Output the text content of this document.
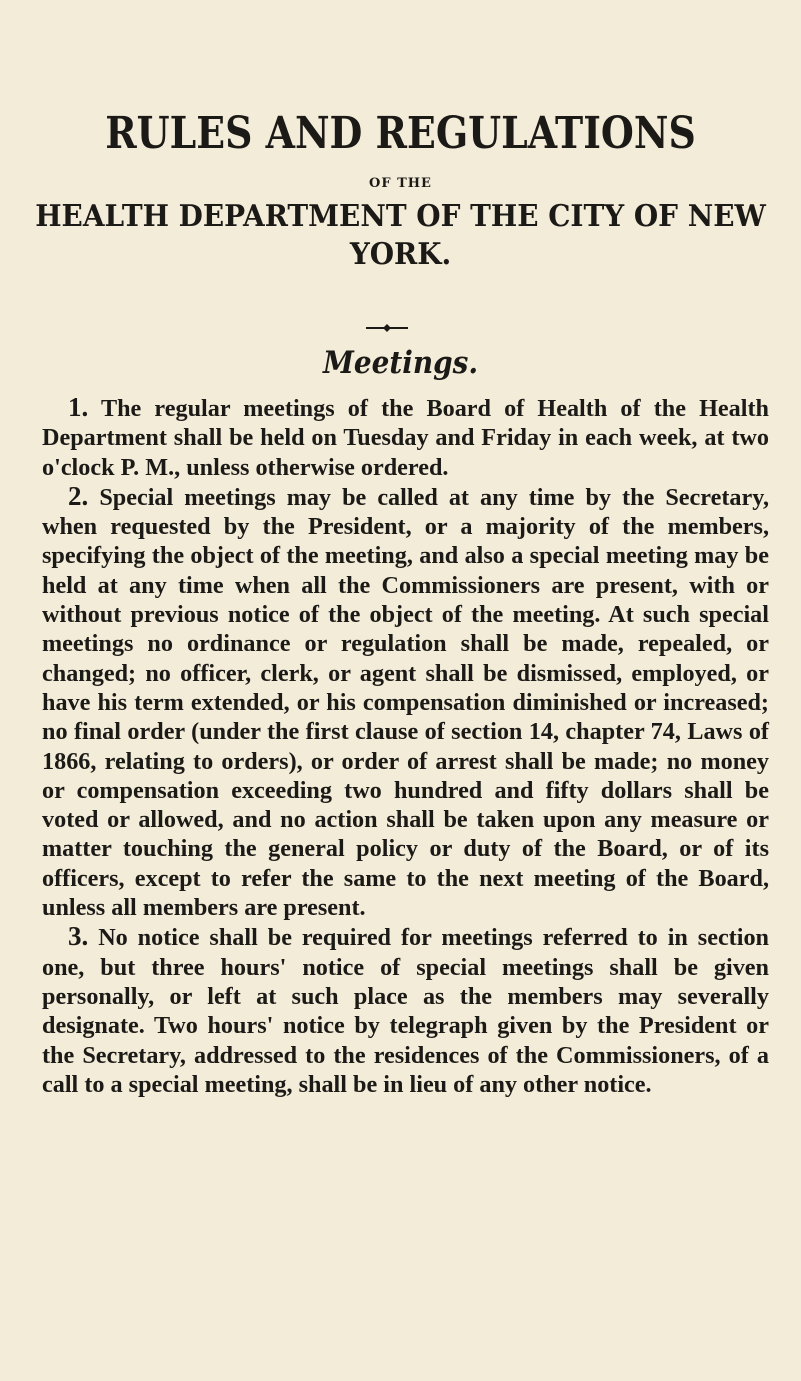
RULES AND REGULATIONS
OF THE
HEALTH DEPARTMENT OF THE CITY OF NEW YORK.
Meetings.

1. The regular meetings of the Board of Health of the Health Department shall be held on Tuesday and Friday in each week, at two o'clock P. M., unless otherwise ordered.

2. Special meetings may be called at any time by the Secretary, when requested by the President, or a majority of the members, specifying the object of the meeting, and also a special meeting may be held at any time when all the Commissioners are present, with or without previous notice of the object of the meeting. At such special meetings no ordinance or regulation shall be made, repealed, or changed; no officer, clerk, or agent shall be dismissed, employed, or have his term extended, or his compensation diminished or increased; no final order (under the first clause of section 14, chapter 74, Laws of 1866, relating to orders), or order of arrest shall be made; no money or compensation exceeding two hundred and fifty dollars shall be voted or allowed, and no action shall be taken upon any measure or matter touching the general policy or duty of the Board, or of its officers, except to refer the same to the next meeting of the Board, unless all members are present.

3. No notice shall be required for meetings referred to in section one, but three hours' notice of special meetings shall be given personally, or left at such place as the members may severally designate. Two hours' notice by telegraph given by the President or the Secretary, addressed to the residences of the Commissioners, of a call to a special meeting, shall be in lieu of any other notice.
